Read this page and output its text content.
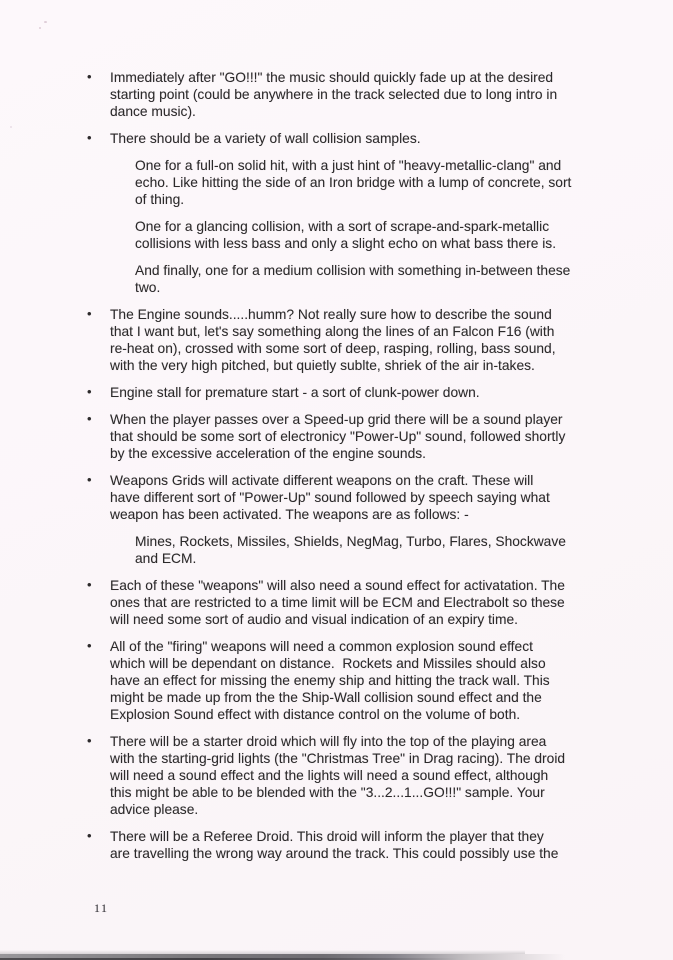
• Immediately after "GO!!!" the music should quickly fade up at the desired
starting point (could be anywhere in the track selected due to long intro in
dance music).
• There should be a variety of wall collision samples.
One for a full-on solid hit, with a just hint of "heavy-metallic-clang" and
echo. Like hitting the side of an Iron bridge with a lump of concrete, sort
of thing.
One for a glancing collision, with a sort of scrape-and-spark-metallic
collisions with less bass and only a slight echo on what bass there is.
And finally, one for a medium collision with something in-between these
two.
• The Engine sounds.....humm? Not really sure how to describe the sound
that I want but, let's say something along the lines of an Falcon F16 (with
re-heat on), crossed with some sort of deep, rasping, rolling, bass sound,
with the very high pitched, but quietly sublte, shriek of the air in-takes.
• Engine stall for premature start - a sort of clunk-power down.
• When the player passes over a Speed-up grid there will be a sound player
that should be some sort of electronicy "Power-Up" sound, followed shortly
by the excessive acceleration of the engine sounds.
• Weapons Grids will activate different weapons on the craft. These will
have different sort of "Power-Up" sound followed by speech saying what
weapon has been activated. The weapons are as follows: -
Mines, Rockets, Missiles, Shields, NegMag, Turbo, Flares, Shockwave
and ECM.
• Each of these "weapons" will also need a sound effect for activatation. The
ones that are restricted to a time limit will be ECM and Electrabolt so these
will need some sort of audio and visual indication of an expiry time.
• All of the "firing" weapons will need a common explosion sound effect
which will be dependant on distance.  Rockets and Missiles should also
have an effect for missing the enemy ship and hitting the track wall. This
might be made up from the the Ship-Wall collision sound effect and the
Explosion Sound effect with distance control on the volume of both.
• There will be a starter droid which will fly into the top of the playing area
with the starting-grid lights (the "Christmas Tree" in Drag racing). The droid
will need a sound effect and the lights will need a sound effect, although
this might be able to be blended with the "3...2...1...GO!!!" sample. Your
advice please.
• There will be a Referee Droid. This droid will inform the player that they
are travelling the wrong way around the track. This could possibly use the
11
